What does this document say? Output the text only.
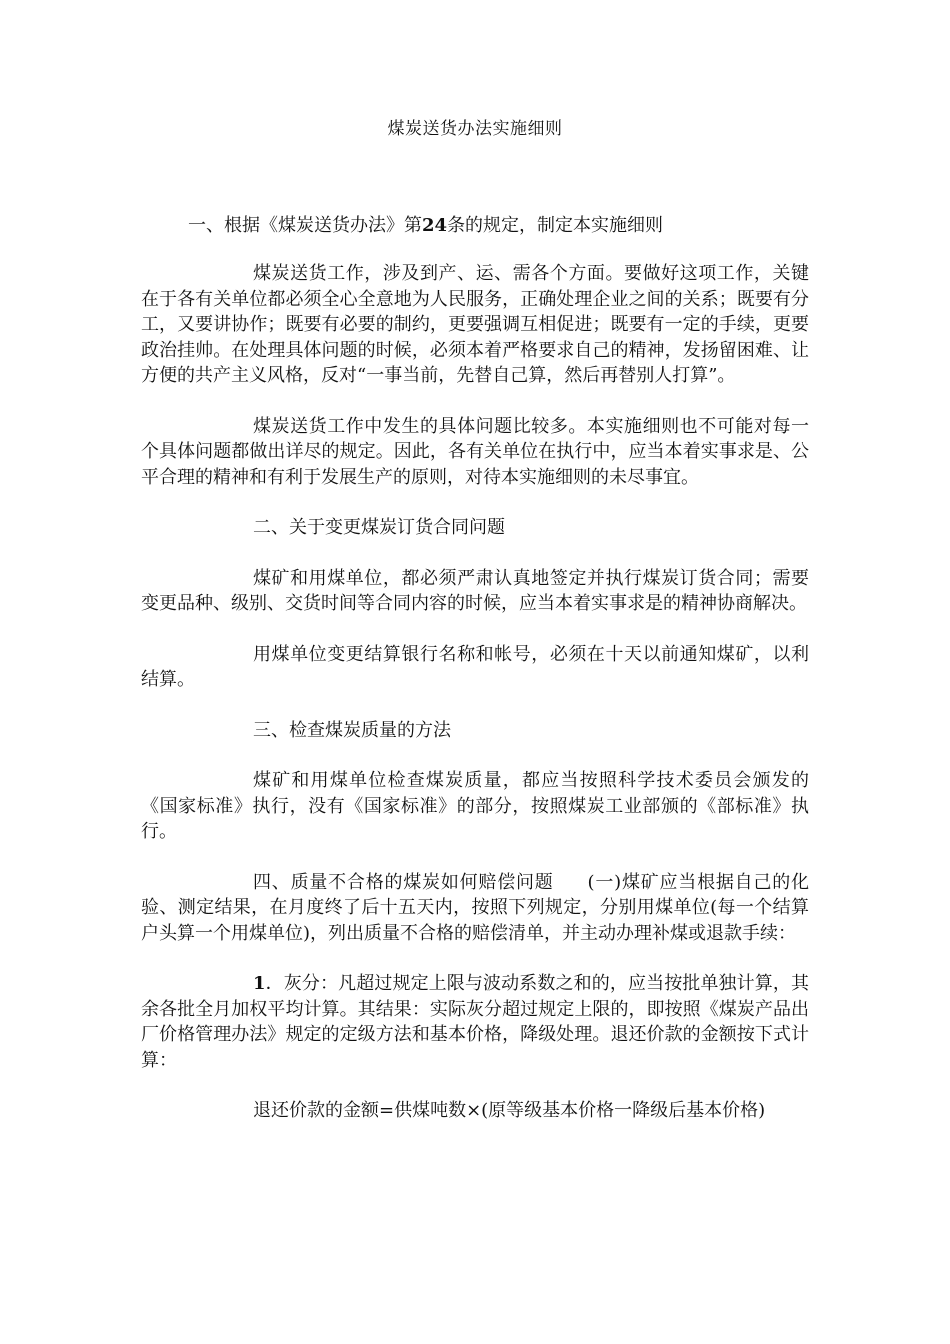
煤炭送货办法实施细则
一、根据《煤炭送货办法》第24条的规定，制定本实施细则

煤炭送货工作，涉及到产、运、需各个方面。要做好这项工作，关键在于各有关单位都必须全心全意地为人民服务，正确处理企业之间的关系；既要有分工，又要讲协作；既要有必要的制约，更要强调互相促进；既要有一定的手续，更要政治挂帅。在处理具体问题的时候，必须本着严格要求自己的精神，发扬留困难、让方便的共产主义风格，反对“一事当前，先替自己算，然后再替别人打算”。

煤炭送货工作中发生的具体问题比较多。本实施细则也不可能对每一个具体问题都做出详尽的规定。因此，各有关单位在执行中，应当本着实事求是、公平合理的精神和有利于发展生产的原则，对待本实施细则的未尽事宜。

二、关于变更煤炭订货合同问题

煤矿和用煤单位，都必须严肃认真地签定并执行煤炭订货合同；需要变更品种、级别、交货时间等合同内容的时候，应当本着实事求是的精神协商解决。

用煤单位变更结算银行名称和帐号，必须在十天以前通知煤矿，以利结算。

三、检查煤炭质量的方法

煤矿和用煤单位检查煤炭质量，都应当按照科学技术委员会颁发的《国家标准》执行，没有《国家标准》的部分，按照煤炭工业部颁的《部标准》执行。

四、质量不合格的煤炭如何赔偿问题 (一)煤矿应当根据自己的化验、测定结果，在月度终了后十五天内，按照下列规定，分别用煤单位(每一个结算户头算一个用煤单位)，列出质量不合格的赔偿清单，并主动办理补煤或退款手续：

1．灰分：凡超过规定上限与波动系数之和的，应当按批单独计算，其余各批全月加权平均计算。其结果：实际灰分超过规定上限的，即按照《煤炭产品出厂价格管理办法》规定的定级方法和基本价格，降级处理。退还价款的金额按下式计算：

退还价款的金额=供煤吨数×(原等级基本价格一降级后基本价格)
